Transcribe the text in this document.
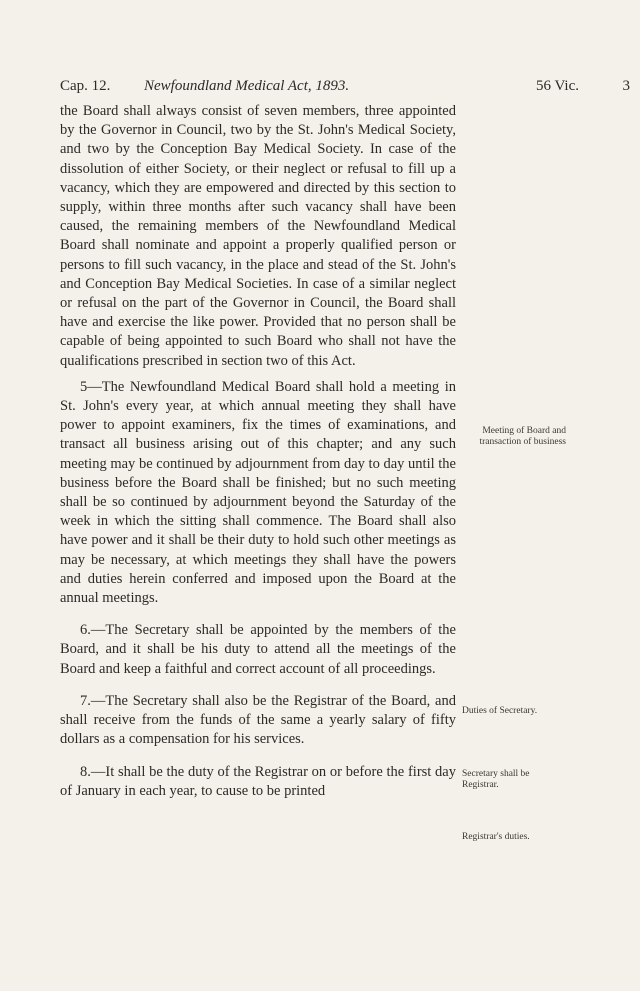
Cap. 12. Newfoundland Medical Act, 1893.	56 Vic.	3

the Board shall always consist of seven members, three appointed by the Governor in Council, two by the St. John's Medical Society, and two by the Conception Bay Medical Society. In case of the dissolution of either Society, or their neglect or refusal to fill up a vacancy, which they are empowered and directed by this section to supply, within three months after such vacancy shall have been caused, the remaining members of the Newfoundland Medical Board shall nominate and appoint a properly qualified person or persons to fill such vacancy, in the place and stead of the St. John's and Conception Bay Medical Societies. In case of a similar neglect or refusal on the part of the Governor in Council, the Board shall have and exercise the like power. Provided that no person shall be capable of being appointed to such Board who shall not have the qualifications prescribed in section two of this Act.

5—The Newfoundland Medical Board shall hold a meeting in St. John's every year, at which annual meeting they shall have power to appoint examiners, fix the times of examinations, and transact all business arising out of this chapter; and any such meeting may be continued by adjournment from day to day until the business before the Board shall be finished; but no such meeting shall be so continued by adjournment beyond the Saturday of the week in which the sitting shall commence. The Board shall also have power and it shall be their duty to hold such other meetings as may be necessary, at which meetings they shall have the powers and duties herein conferred and imposed upon the Board at the annual meetings.

6.—The Secretary shall be appointed by the members of the Board, and it shall be his duty to attend all the meetings of the Board and keep a faithful and correct account of all proceedings.

7.—The Secretary shall also be the Registrar of the Board, and shall receive from the funds of the same a yearly salary of fifty dollars as a compensation for his services.

8.—It shall be the duty of the Registrar on or before the first day of January in each year, to cause to be printed

Meeting of Board and transaction of business
Duties of Secretary.
Secretary shall be Registrar.
Registrar's duties.
